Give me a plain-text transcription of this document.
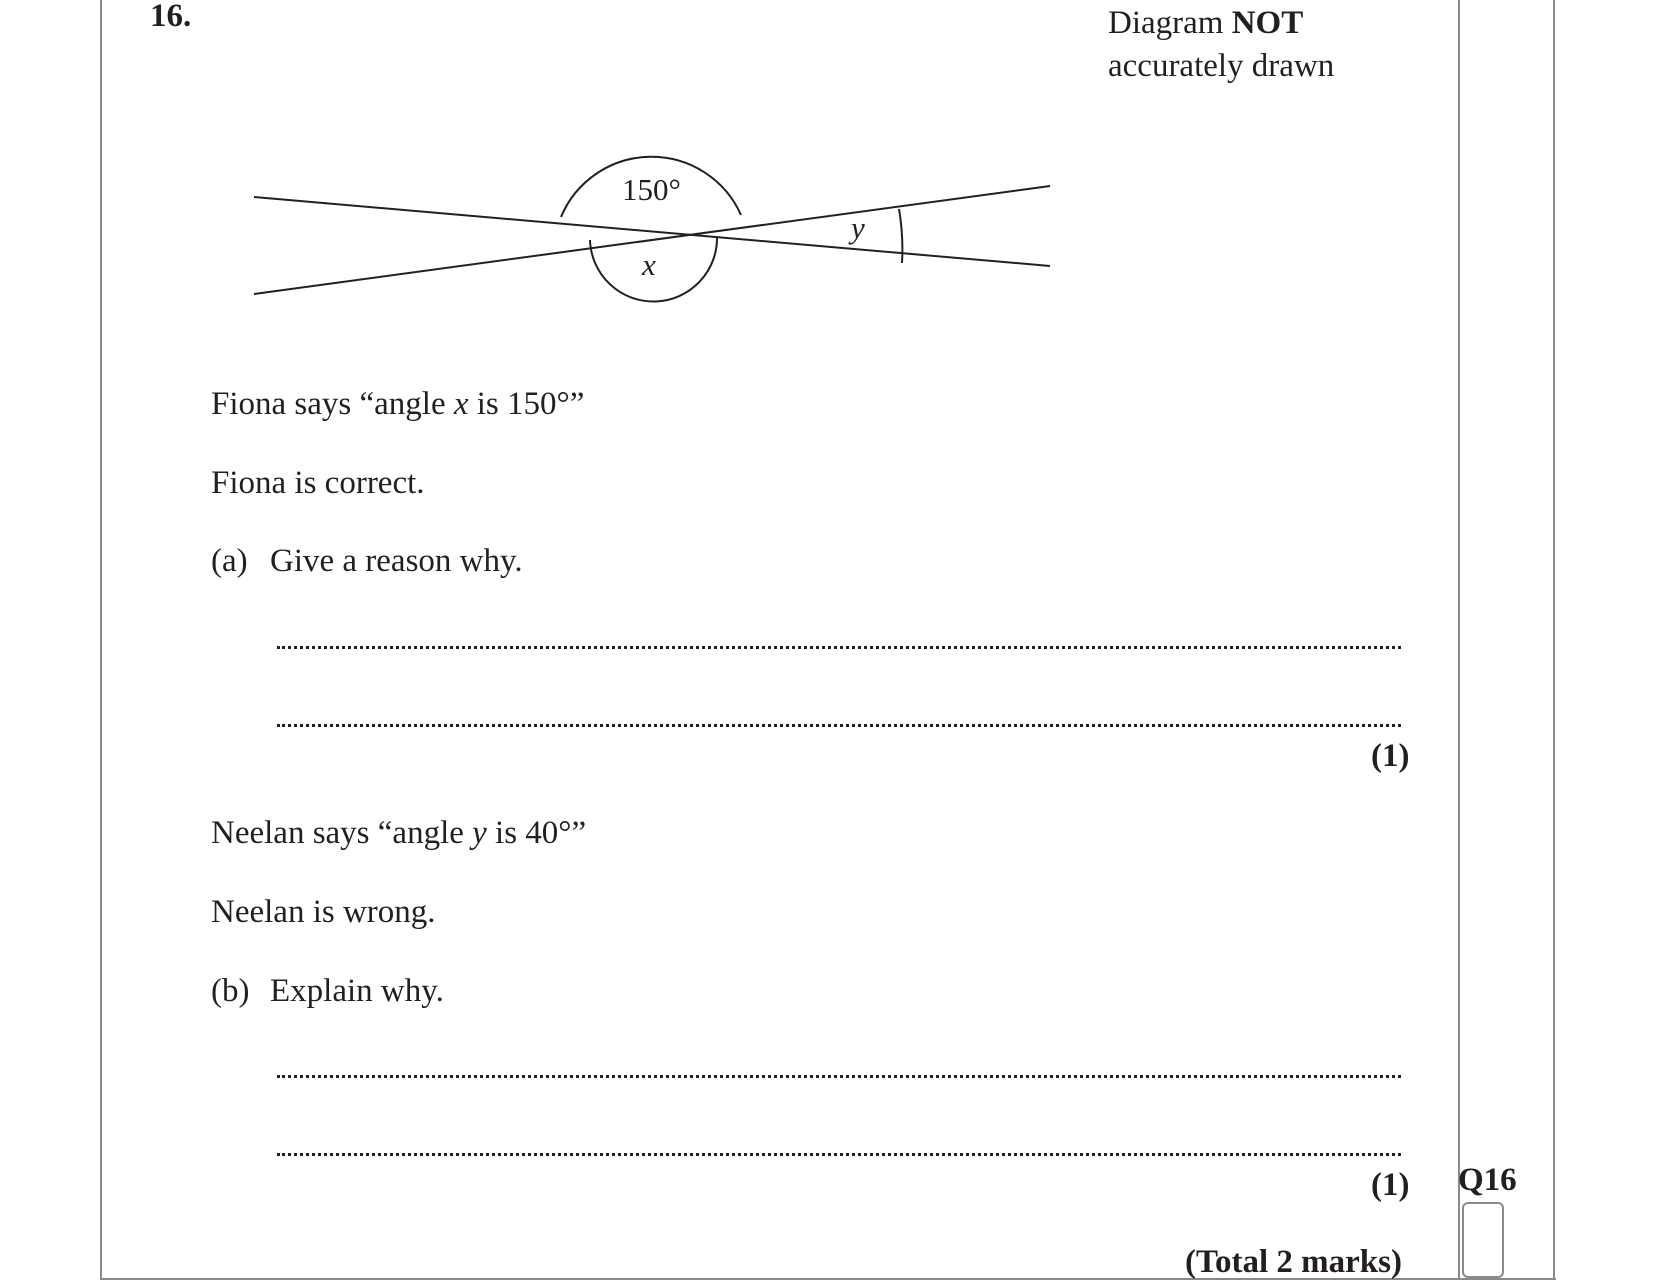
16.	Diagram NOT
accurately drawn
150°
x
y
Fiona says “angle x is 150°”
Fiona is correct.
(a) Give a reason why.
(1)
Neelan says “angle y is 40°”
Neelan is wrong.
(b) Explain why.
(1) Q16
(Total 2 marks)
